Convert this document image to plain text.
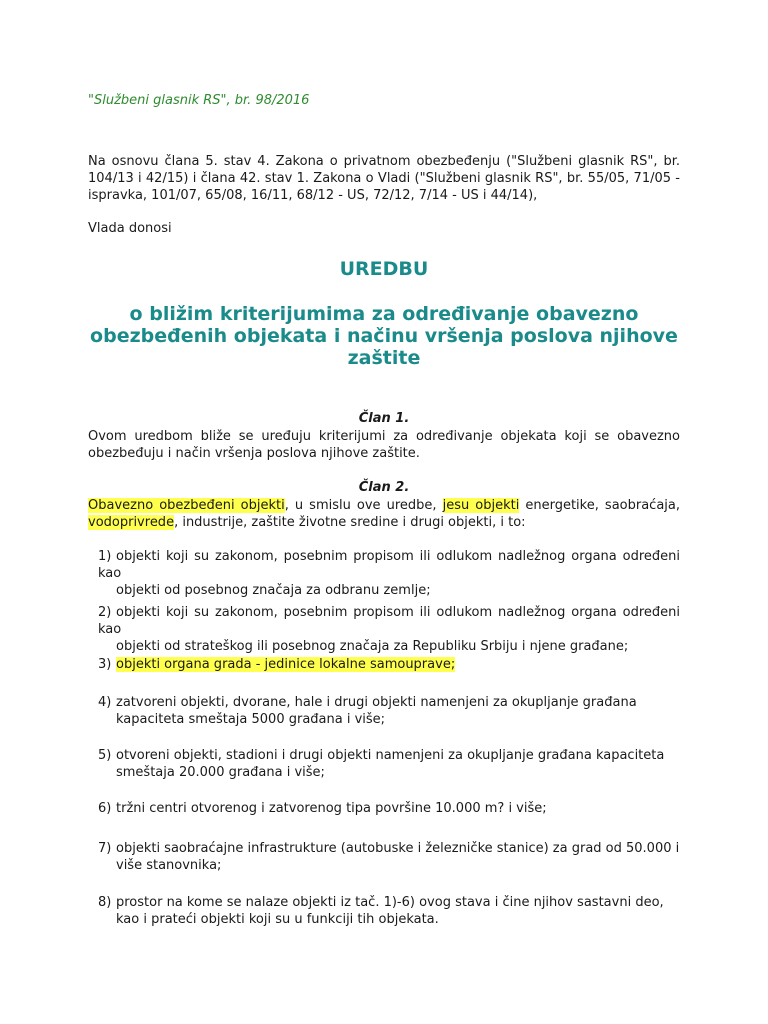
"Službeni glasnik RS", br. 98/2016

Na osnovu člana 5. stav 4. Zakona o privatnom obezbeđenju ("Službeni glasnik RS", br.
104/13 i 42/15) i člana 42. stav 1. Zakona o Vladi ("Službeni glasnik RS", br. 55/05, 71/05 -
ispravka, 101/07, 65/08, 16/11, 68/12 - US, 72/12, 7/14 - US i 44/14),

Vlada donosi

UREDBU
o bližim kriterijumima za određivanje obavezno
obezbeđenih objekata i načinu vršenja poslova njihove
zaštite

Član 1.

Ovom uredbom bliže se uređuju kriterijumi za određivanje objekata koji se obavezno
obezbeđuju i način vršenja poslova njihove zaštite.

Član 2.

Obavezno obezbeđeni objekti, u smislu ove uredbe, jesu objekti energetike, saobraćaja,
vodoprivrede, industrije, zaštite životne sredine i drugi objekti, i to:

1) objekti koji su zakonom, posebnim propisom ili odlukom nadležnog organa određeni kao
objekti od posebnog značaja za odbranu zemlje;
2) objekti koji su zakonom, posebnim propisom ili odlukom nadležnog organa određeni kao
objekti od strateškog ili posebnog značaja za Republiku Srbiju i njene građane;
3) objekti organa grada - jedinice lokalne samouprave;
4) zatvoreni objekti, dvorane, hale i drugi objekti namenjeni za okupljanje građana
kapaciteta smeštaja 5000 građana i više;
5) otvoreni objekti, stadioni i drugi objekti namenjeni za okupljanje građana kapaciteta
smeštaja 20.000 građana i više;
6) tržni centri otvorenog i zatvorenog tipa površine 10.000 m? i više;
7) objekti saobraćajne infrastrukture (autobuske i železničke stanice) za grad od 50.000 i
više stanovnika;
8) prostor na kome se nalaze objekti iz tač. 1)-6) ovog stava i čine njihov sastavni deo,
kao i prateći objekti koji su u funkciji tih objekata.
